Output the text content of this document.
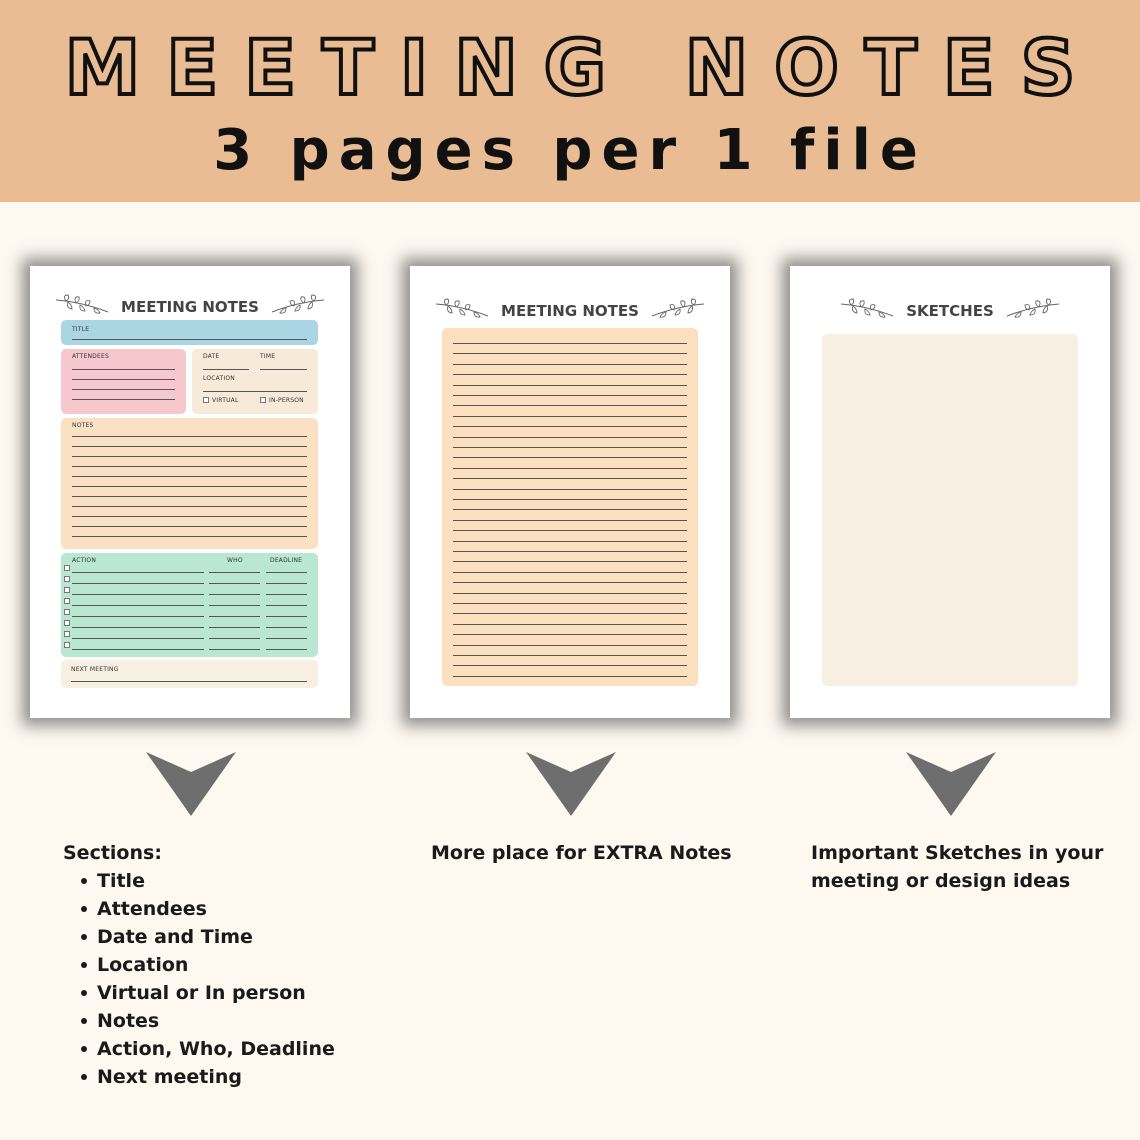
MEETING NOTES
3 pages per 1 file
MEETING NOTES
TITLE
ATTENDEES	DATE	TIME
LOCATION
VIRTUAL	IN-PERSON
NOTES
ACTION	WHO	DEADLINE
NEXT MEETING
MEETING NOTES	SKETCHES
Sections:
Title
Attendees
Date and Time
Location
Virtual or In person
Notes
Action, Who, Deadline
Next meeting
More place for EXTRA Notes	Important Sketches in your
meeting or design ideas
